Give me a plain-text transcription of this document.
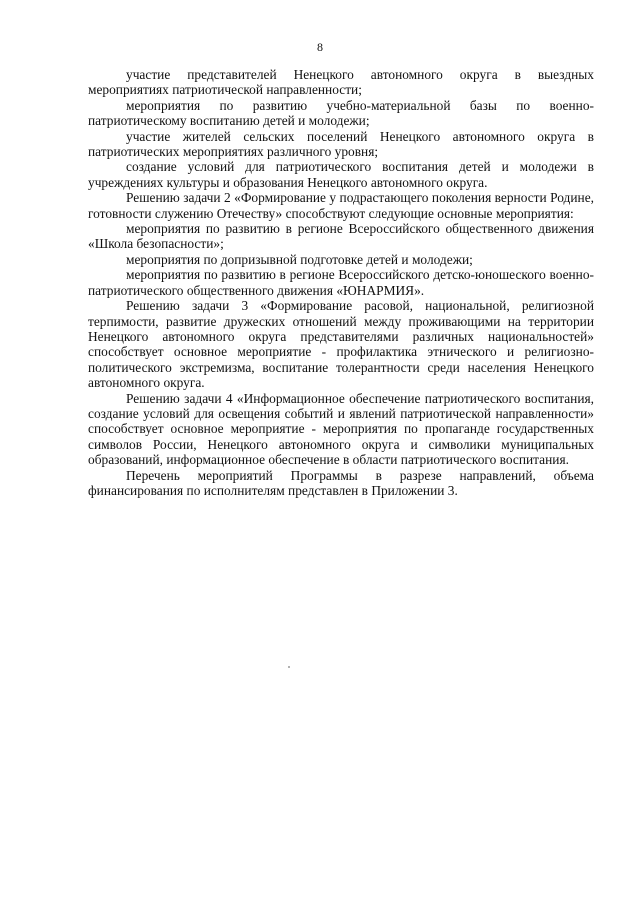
8

участие представителей Ненецкого автономного округа в выездных мероприятиях патриотической направленности;

мероприятия по развитию учебно-материальной базы по военно-патриотическому воспитанию детей и молодежи;

участие жителей сельских поселений Ненецкого автономного округа в патриотических мероприятиях различного уровня;

создание условий для патриотического воспитания детей и молодежи в учреждениях культуры и образования Ненецкого автономного округа.

Решению задачи 2 «Формирование у подрастающего поколения верности Родине, готовности служению Отечеству» способствуют следующие основные мероприятия:

мероприятия по развитию в регионе Всероссийского общественного движения «Школа безопасности»;

мероприятия по допризывной подготовке детей и молодежи;

мероприятия по развитию в регионе Всероссийского детско-юношеского военно-патриотического общественного движения «ЮНАРМИЯ».

Решению задачи 3 «Формирование расовой, национальной, религиозной терпимости, развитие дружеских отношений между проживающими на территории Ненецкого автономного округа представителями различных национальностей» способствует основное мероприятие - профилактика этнического и религиозно-политического экстремизма, воспитание толерантности среди населения Ненецкого автономного округа.

Решению задачи 4 «Информационное обеспечение патриотического воспитания, создание условий для освещения событий и явлений патриотической направленности» способствует основное мероприятие - мероприятия по пропаганде государственных символов России, Ненецкого автономного округа и символики муниципальных образований, информационное обеспечение в области патриотического воспитания.

Перечень мероприятий Программы в разрезе направлений, объема финансирования по исполнителям представлен в Приложении 3.
